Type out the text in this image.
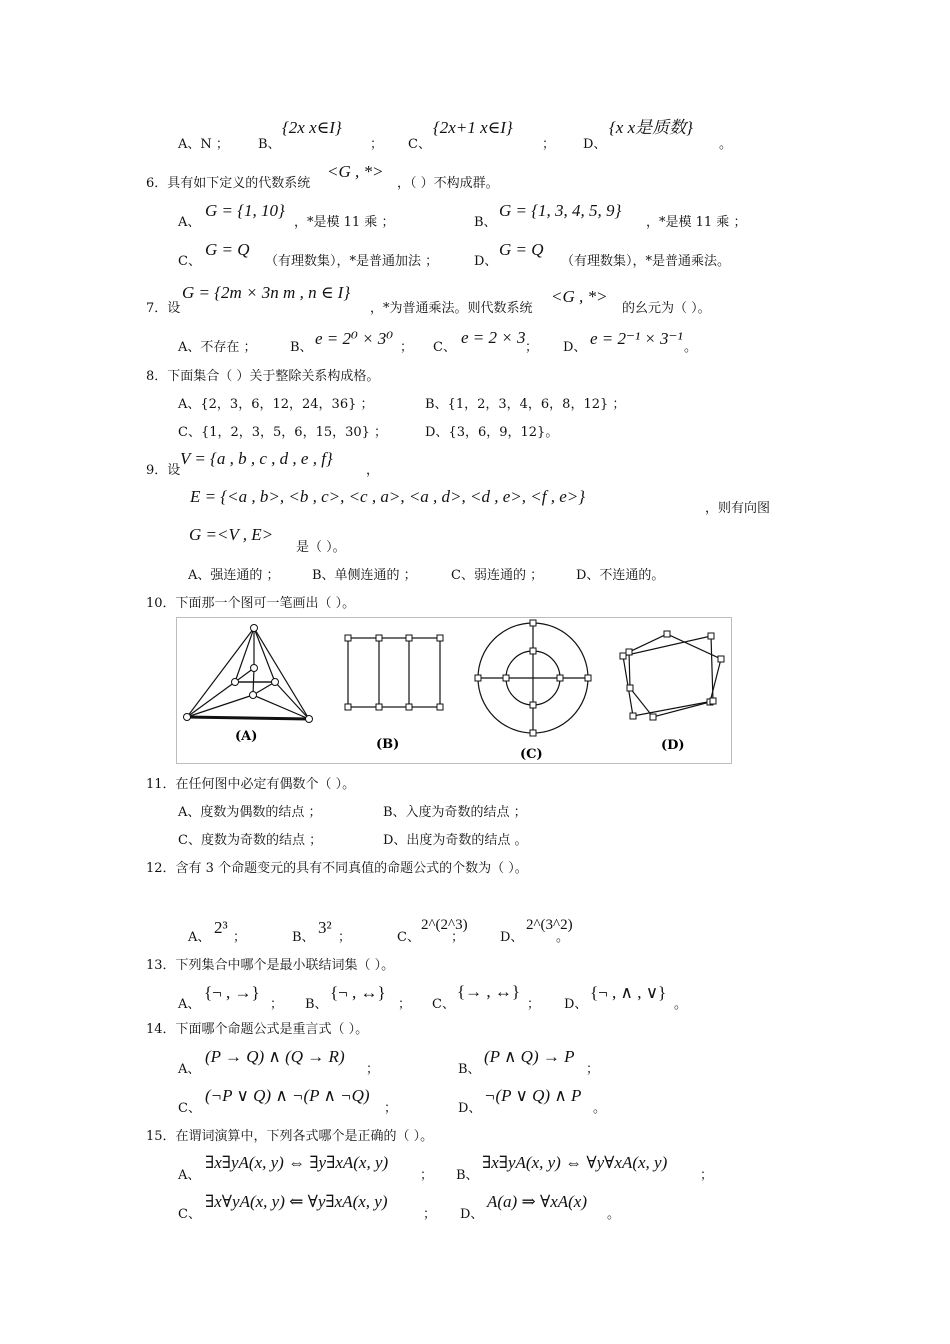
A、N ； B、
{2x x∈I}
； C、
{2x+1 x∈I}
； D、
{x x是质数}
。
6．具有如下定义的代数系统
<G , *>
，（ ）不构成群。
A、
G = {1, 10}
，*是模 11 乘 ；	B、
G = {1, 3, 4, 5, 9}
，*是模 11 乘 ；
C、
G = Q
（有理数集），*是普通加法 ；	D、
G = Q
（有理数集），*是普通乘法。
7．设
G = {2m × 3n m , n ∈ I}
，*为普通乘法。则代数系统
<G , *>
的幺元为（ ）。
A、不存在 ；	B、 e = 2⁰ × 3⁰ ； C、
e = 2 × 3
； D、 e = 2⁻¹ × 3⁻¹ 。
8．下面集合（ ）关于整除关系构成格。
A、{2，3，6，12，24，36} ；	B、{1，2，3，4，6，8，12} ；
C、{1，2，3，5，6，15，30} ；	D、{3，6，9，12}。
9．设
V = {a , b , c , d , e , f}
，
E = {<a , b>, <b , c>, <c , a>, <a , d>, <d , e>, <f , e>}
，则有向图
G =<V , E>
是（ ）。
A、强连通的 ； B、单侧连通的 ；	C、弱连通的 ；	D、不连通的。
10．下面那一个图可一笔画出（ ）。
(A)
(B)
(C)
(D)
11．在任何图中必定有偶数个（ ）。
A、度数为偶数的结点 ；	B、入度为奇数的结点 ；
C、度数为奇数的结点 ；	D、出度为奇数的结点 。
12．含有 3 个命题变元的具有不同真值的命题公式的个数为（ ）。
A、
2³
；	B、
3²
；	C、
2^(2^3)
；	D、
2^(3^2)
。
13．下列集合中哪个是最小联结词集（ ）。
A、
{¬ , →}
； B、
{¬ , ↔}
； C、
{→ , ↔}
； D、
{¬ , ∧ , ∨}
。
14．下面哪个命题公式是重言式（ ）。
A、
(P → Q) ∧ (Q → R)
；	B、
(P ∧ Q) → P
；
C、
(¬P ∨ Q) ∧ ¬(P ∧ ¬Q)
；	D、
¬(P ∨ Q) ∧ P
。
15．在谓词演算中，下列各式哪个是正确的（ ）。
A、
∃x∃yA(x, y) ⇔ ∃y∃xA(x, y)
； B、
∃x∃yA(x, y) ⇔ ∀y∀xA(x, y)
；
C、
∃x∀yA(x, y) ⇐ ∀y∃xA(x, y)
； D、
A(a) ⇒ ∀xA(x)
。
